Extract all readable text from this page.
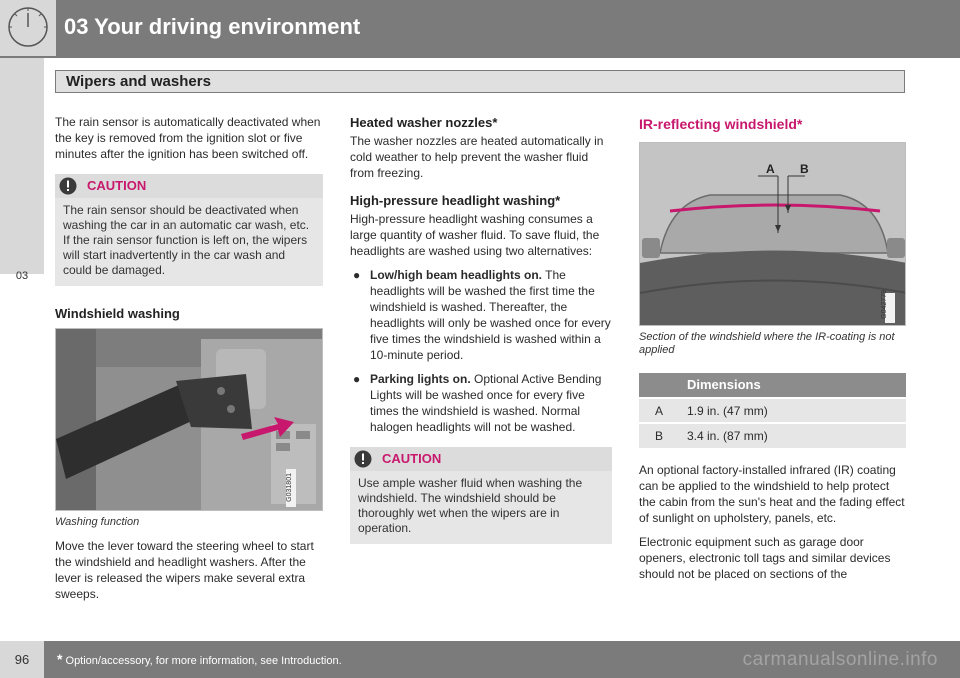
03 Your driving environment
Wipers and washers
03

The rain sensor is automatically deactivated when the key is removed from the ignition slot or five minutes after the ignition has been switched off.

CAUTION
The rain sensor should be deactivated when washing the car in an automatic car wash, etc. If the rain sensor function is left on, the wipers will start inadvertently in the car wash and could be damaged.
Windshield washing
G031801
Washing function

Move the lever toward the steering wheel to start the windshield and headlight washers. After the lever is released the wipers make several extra sweeps.

Heated washer nozzles*

The washer nozzles are heated automatically in cold weather to help prevent the washer fluid from freezing.

High-pressure headlight washing*

High-pressure headlight washing consumes a large quantity of washer fluid. To save fluid, the headlights are washed using two alternatives:

● Low/high beam headlights on. The headlights will be washed the first time the windshield is washed. Thereafter, the headlights will only be washed once for every five times the windshield is washed within a 10-minute period.
● Parking lights on. Optional Active Bending Lights will be washed once for every five times the windshield is washed. Normal halogen headlights will not be washed.
CAUTION
Use ample washer fluid when washing the windshield. The windshield should be thoroughly wet when the wipers are in operation.
IR-reflecting windshield*
A B
G042779
Section of the windshield where the IR-coating is not applied
	Dimensions
A	1.9 in. (47 mm)
B	3.4 in. (87 mm)

An optional factory-installed infrared (IR) coating can be applied to the windshield to help protect the cabin from the sun's heat and the fading effect of sunlight on upholstery, panels, etc.

Electronic equipment such as garage door openers, electronic toll tags and similar devices should not be placed on sections of the

96	* Option/accessory, for more information, see Introduction.	carmanualsonline.info
